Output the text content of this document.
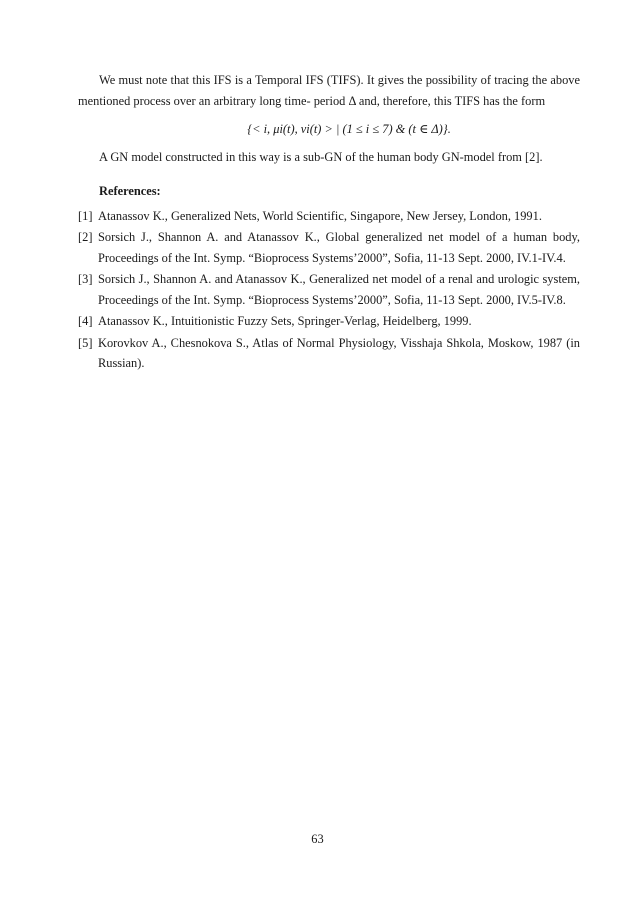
We must note that this IFS is a Temporal IFS (TIFS). It gives the possibility of tracing the above mentioned process over an arbitrary long time- period Δ and, therefore, this TIFS has the form

{< i, μi(t), νi(t) > | (1 ≤ i ≤ 7) & (t ∈ Δ)}.

A GN model constructed in this way is a sub-GN of the human body GN-model from [2].

References:
[1] Atanassov K., Generalized Nets, World Scientific, Singapore, New Jersey, London, 1991.
[2] Sorsich J., Shannon A. and Atanassov K., Global generalized net model of a human body, Proceedings of the Int. Symp. “Bioprocess Systems’2000”, Sofia, 11-13 Sept. 2000, IV.1-IV.4.
[3] Sorsich J., Shannon A. and Atanassov K., Generalized net model of a renal and urologic system, Proceedings of the Int. Symp. “Bioprocess Systems’2000”, Sofia, 11-13 Sept. 2000, IV.5-IV.8.
[4] Atanassov K., Intuitionistic Fuzzy Sets, Springer-Verlag, Heidelberg, 1999.
[5] Korovkov A., Chesnokova S., Atlas of Normal Physiology, Visshaja Shkola, Moskow, 1987 (in Russian).
63
